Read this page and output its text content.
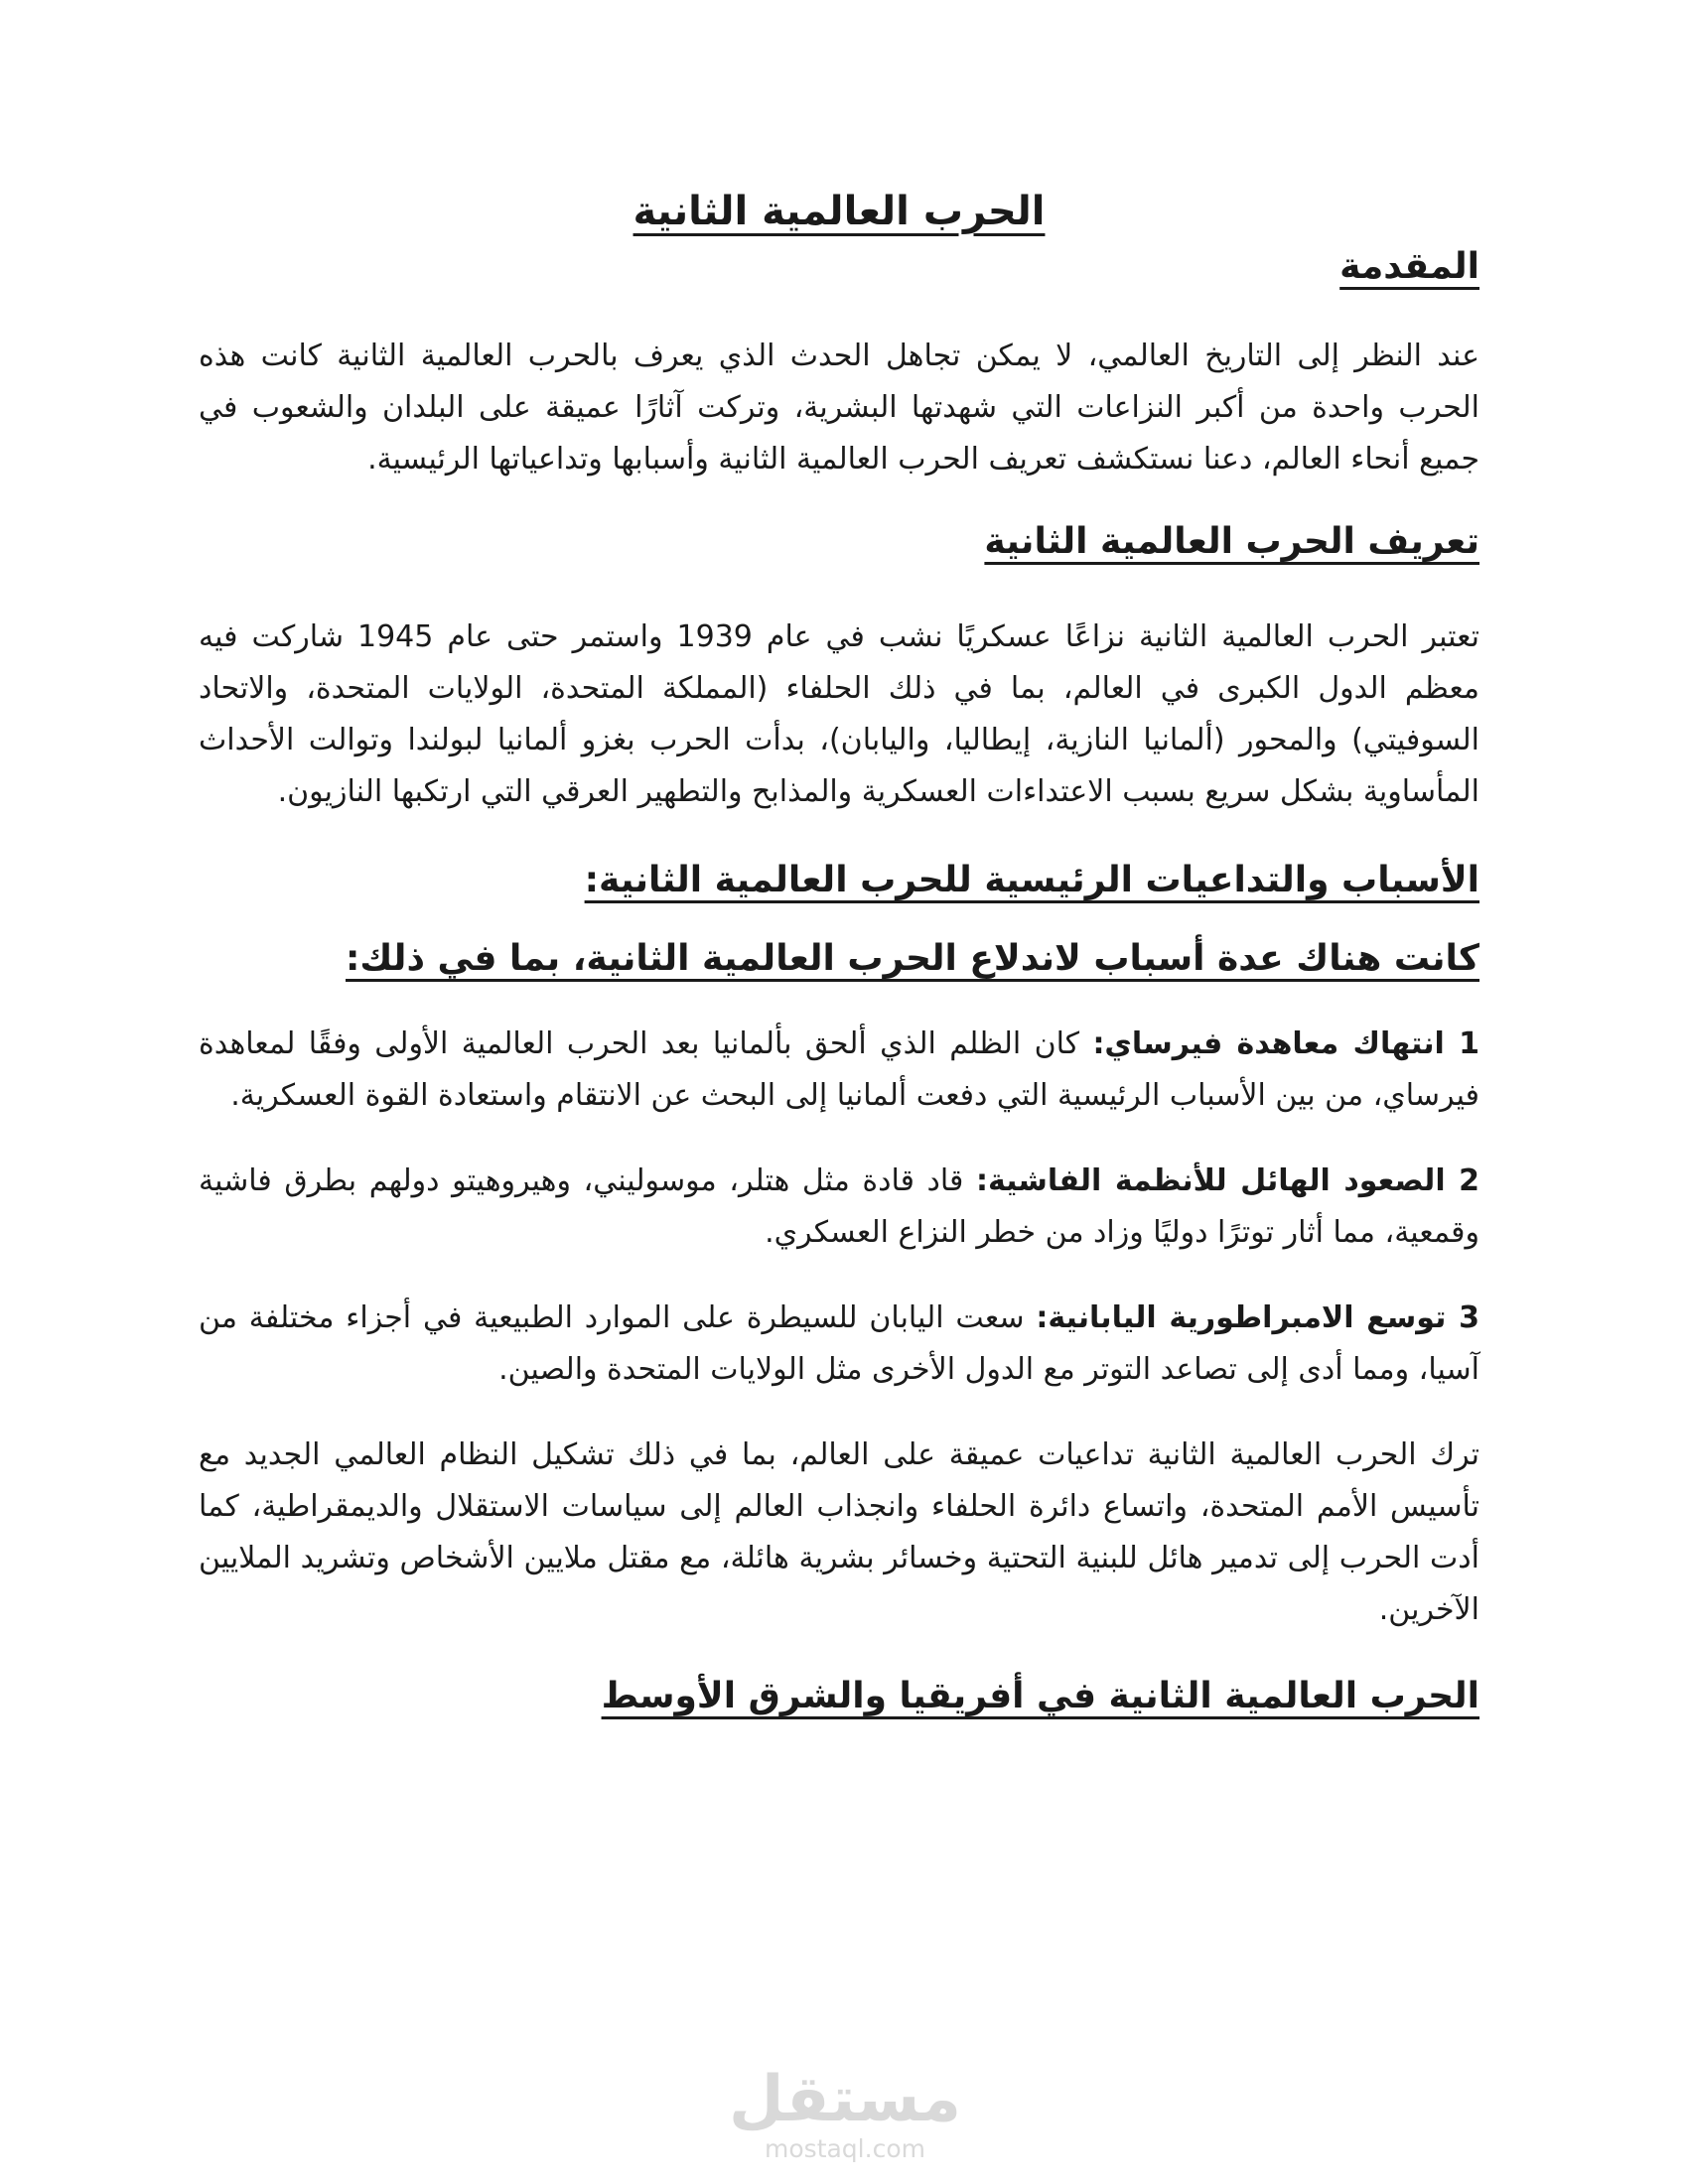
الحرب العالمية الثانية
المقدمة

عند النظر إلى التاريخ العالمي، لا يمكن تجاهل الحدث الذي يعرف بالحرب العالمية الثانية كانت هذه الحرب واحدة من أكبر النزاعات التي شهدتها البشرية، وتركت آثارًا عميقة على البلدان والشعوب في جميع أنحاء العالم، دعنا نستكشف تعريف الحرب العالمية الثانية وأسبابها وتداعياتها الرئيسية.

تعريف الحرب العالمية الثانية

تعتبر الحرب العالمية الثانية نزاعًا عسكريًا نشب في عام 1939 واستمر حتى عام 1945 شاركت فيه معظم الدول الكبرى في العالم، بما في ذلك الحلفاء (المملكة المتحدة، الولايات المتحدة، والاتحاد السوفيتي) والمحور (ألمانيا النازية، إيطاليا، واليابان)، بدأت الحرب بغزو ألمانيا لبولندا وتوالت الأحداث المأساوية بشكل سريع بسبب الاعتداءات العسكرية والمذابح والتطهير العرقي التي ارتكبها النازيون.

الأسباب والتداعيات الرئيسية للحرب العالمية الثانية:
كانت هناك عدة أسباب لاندلاع الحرب العالمية الثانية، بما في ذلك:

1 انتهاك معاهدة فيرساي: كان الظلم الذي ألحق بألمانيا بعد الحرب العالمية الأولى وفقًا لمعاهدة فيرساي، من بين الأسباب الرئيسية التي دفعت ألمانيا إلى البحث عن الانتقام واستعادة القوة العسكرية.

2 الصعود الهائل للأنظمة الفاشية: قاد قادة مثل هتلر، موسوليني، وهيروهيتو دولهم بطرق فاشية وقمعية، مما أثار توترًا دوليًا وزاد من خطر النزاع العسكري.

3 توسع الامبراطورية اليابانية: سعت اليابان للسيطرة على الموارد الطبيعية في أجزاء مختلفة من آسيا، ومما أدى إلى تصاعد التوتر مع الدول الأخرى مثل الولايات المتحدة والصين.

ترك الحرب العالمية الثانية تداعيات عميقة على العالم، بما في ذلك تشكيل النظام العالمي الجديد مع تأسيس الأمم المتحدة، واتساع دائرة الحلفاء وانجذاب العالم إلى سياسات الاستقلال والديمقراطية، كما أدت الحرب إلى تدمير هائل للبنية التحتية وخسائر بشرية هائلة، مع مقتل ملايين الأشخاص وتشريد الملايين الآخرين.

الحرب العالمية الثانية في أفريقيا والشرق الأوسط
مستقل
mostaql.com
